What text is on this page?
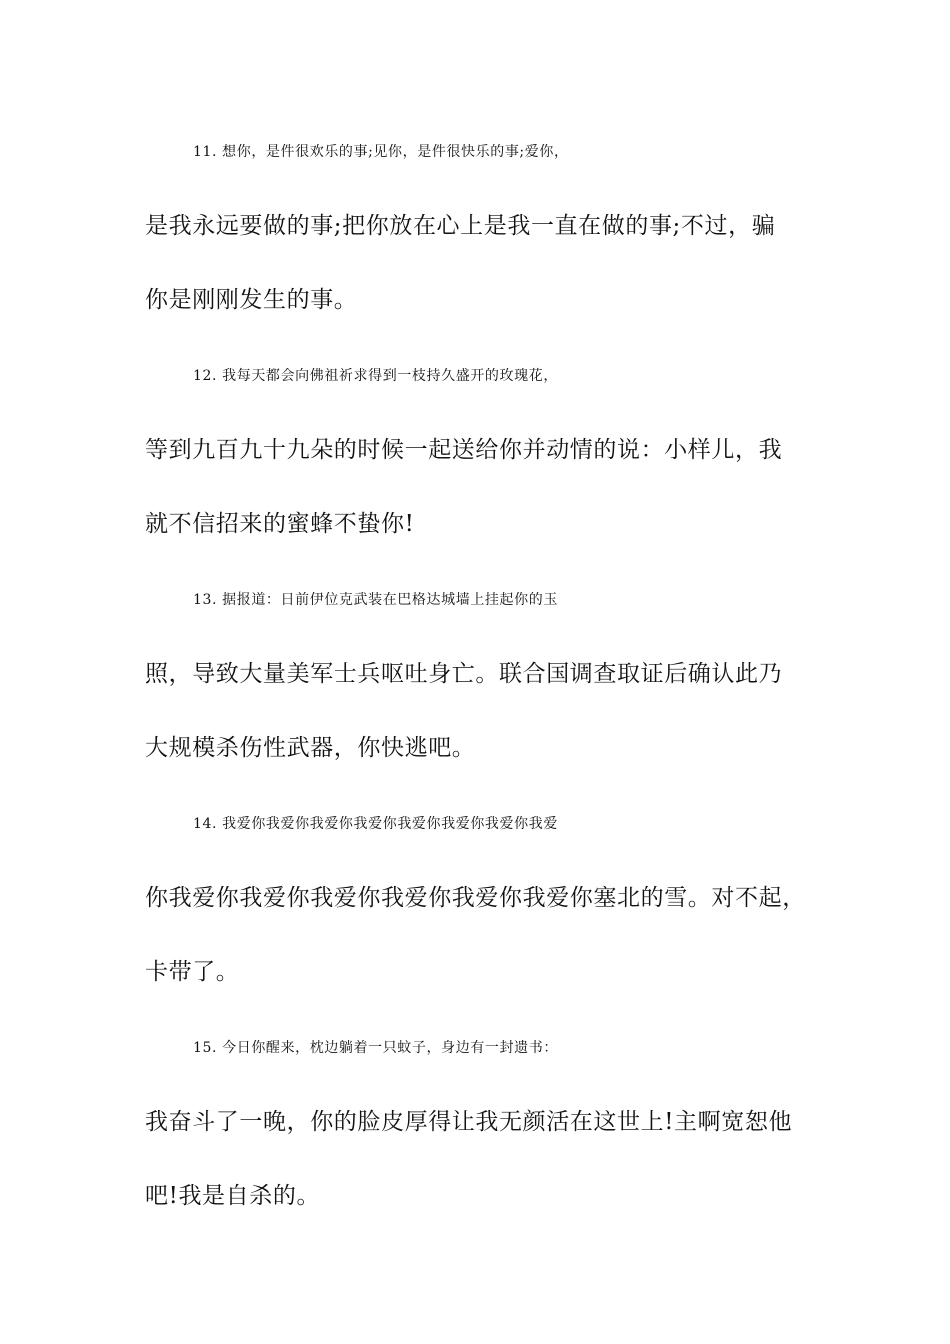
11. 想你，是件很欢乐的事;见你，是件很快乐的事;爱你，
是我永远要做的事;把你放在心上是我一直在做的事;不过，骗
你是刚刚发生的事。
12. 我每天都会向佛祖祈求得到一枝持久盛开的玫瑰花，
等到九百九十九朵的时候一起送给你并动情的说：小样儿，我
就不信招来的蜜蜂不蛰你!
13. 据报道：日前伊位克武装在巴格达城墙上挂起你的玉
照，导致大量美军士兵呕吐身亡。联合国调查取证后确认此乃
大规模杀伤性武器，你快逃吧。
14. 我爱你我爱你我爱你我爱你我爱你我爱你我爱你我爱
你我爱你我爱你我爱你我爱你我爱你我爱你塞北的雪。对不起，
卡带了。
15. 今日你醒来，枕边躺着一只蚊子，身边有一封遗书：
我奋斗了一晚，你的脸皮厚得让我无颜活在这世上!主啊宽恕他
吧!我是自杀的。
